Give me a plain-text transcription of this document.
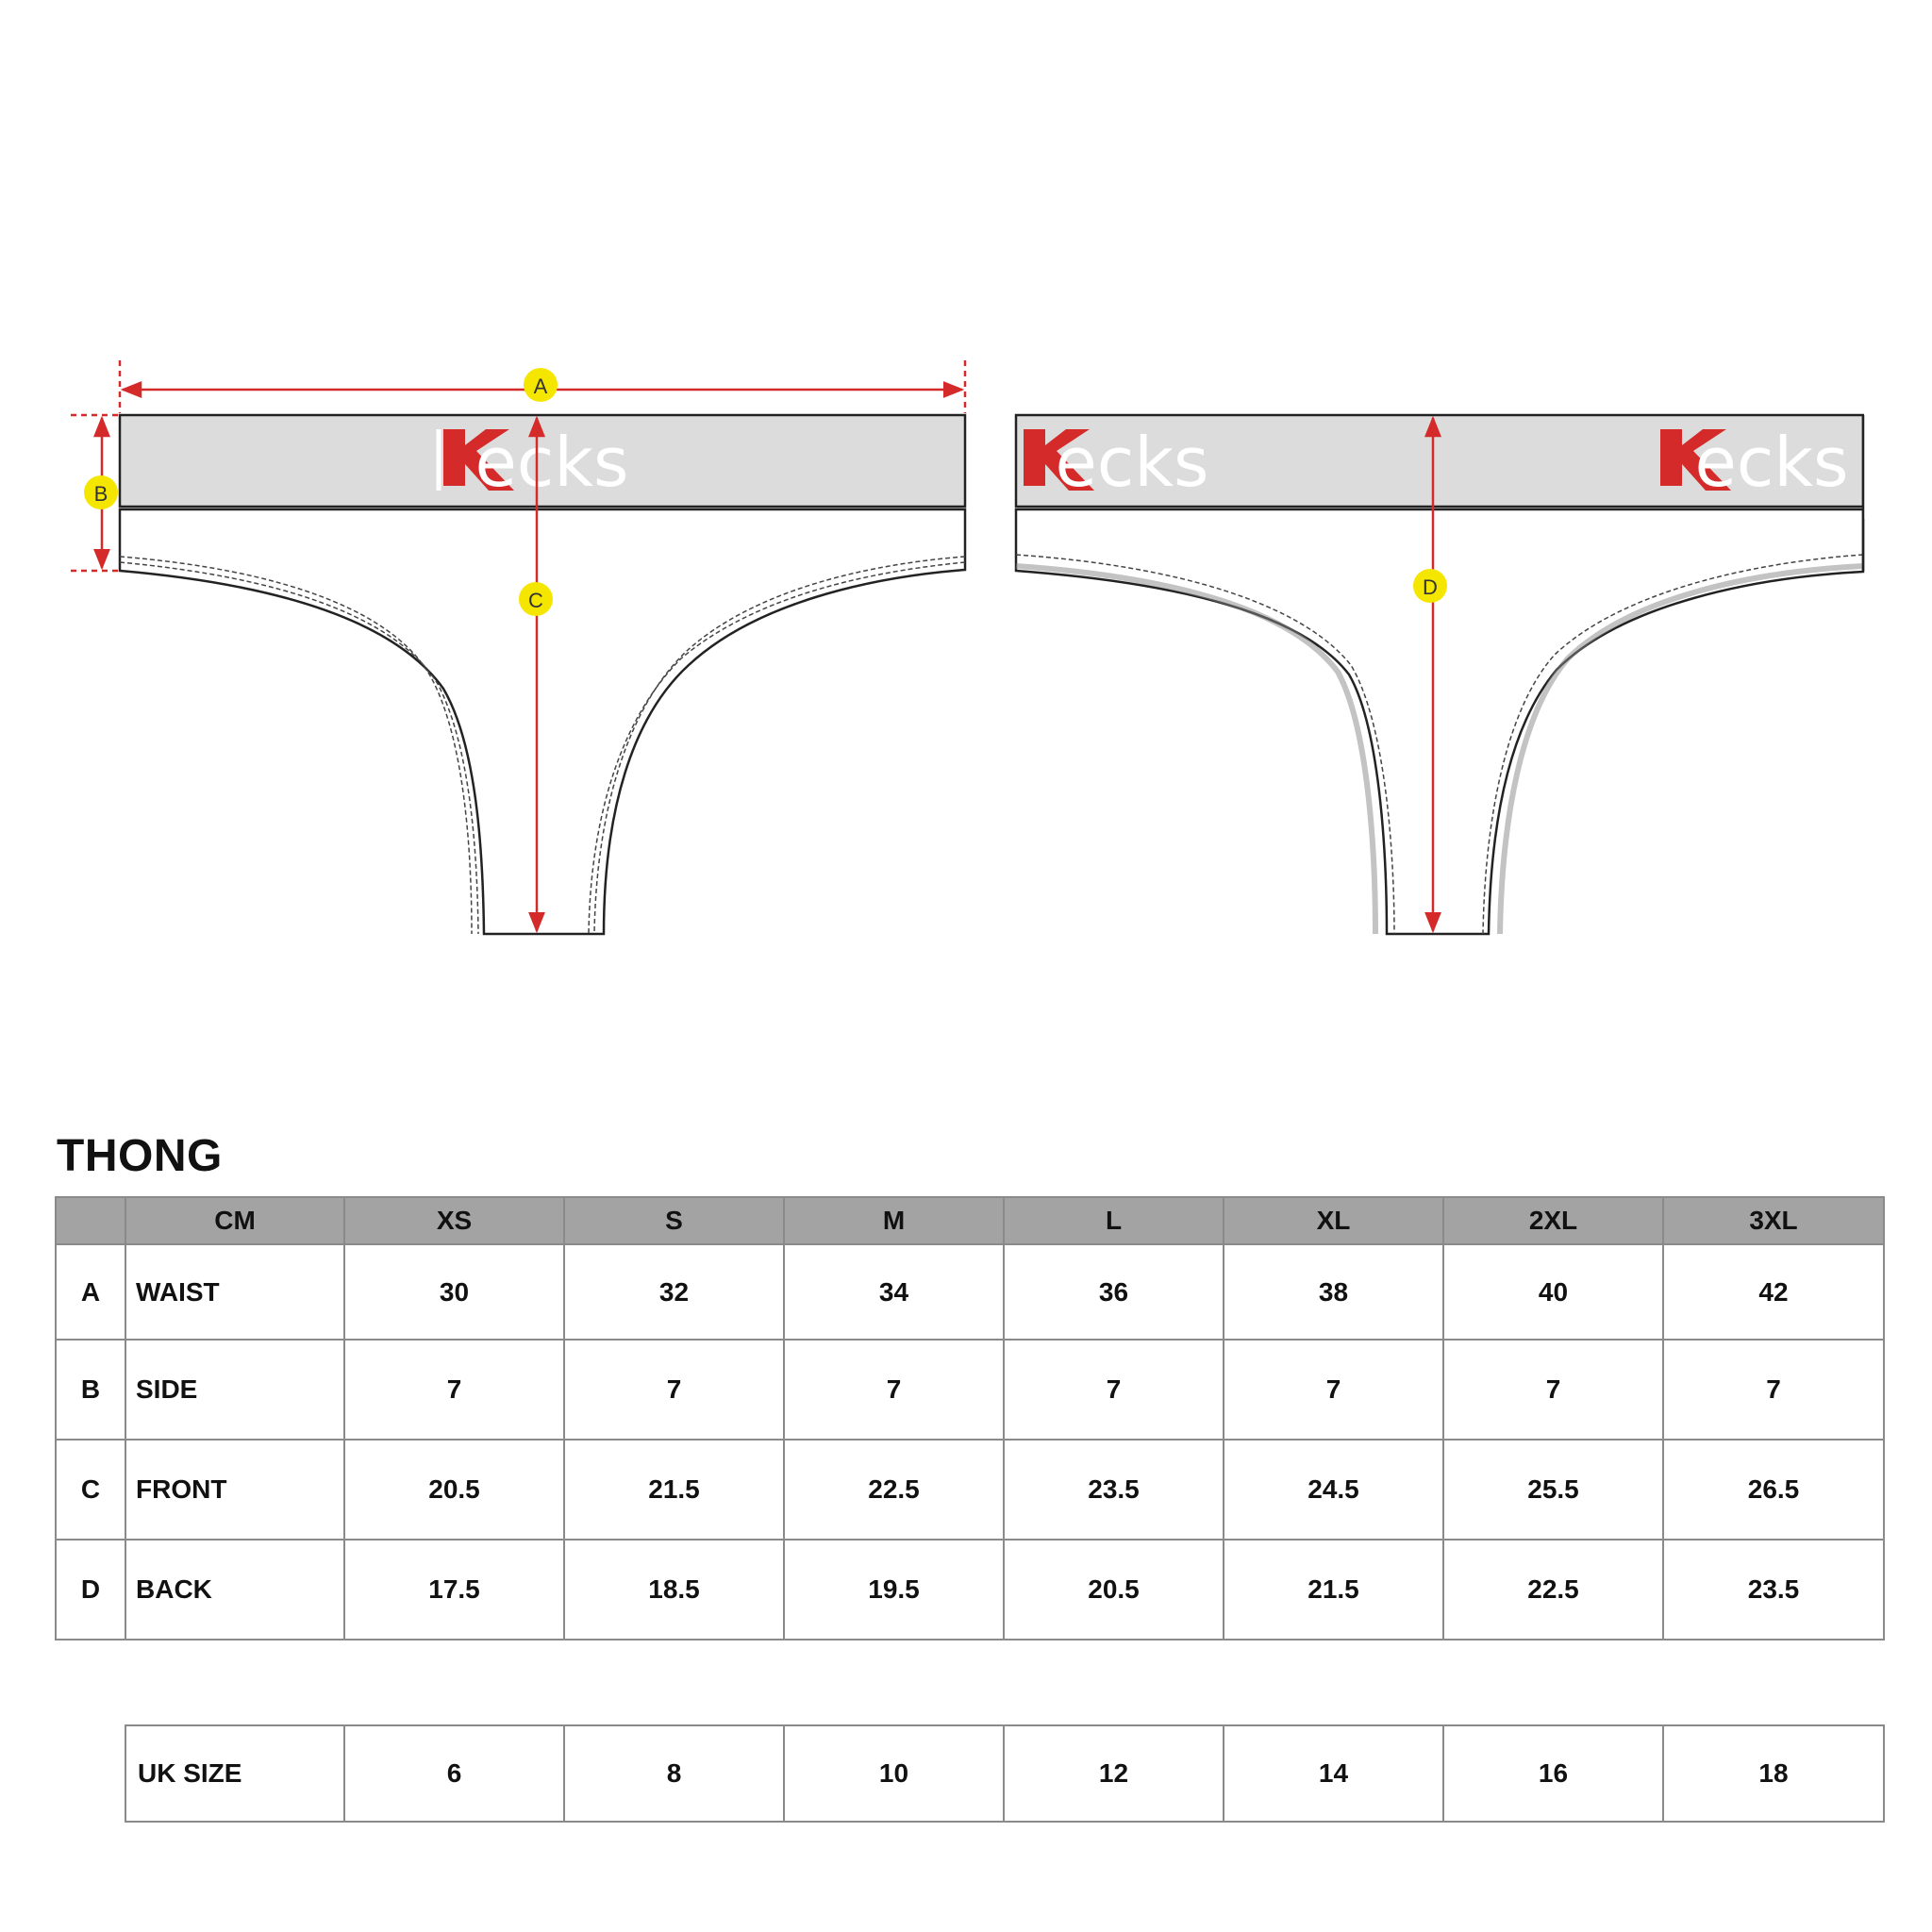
ecks	ecks	ecks
A
B
C
D
THONG
	CM	XS	S	M	L	XL	2XL	3XL
A	WAIST	30	32	34	36	38	40	42
B	SIDE	7	7	7	7	7	7	7
C	FRONT	20.5	21.5	22.5	23.5	24.5	25.5	26.5
D	BACK	17.5	18.5	19.5	20.5	21.5	22.5	23.5
UK SIZE	6	8	10	12	14	16	18
